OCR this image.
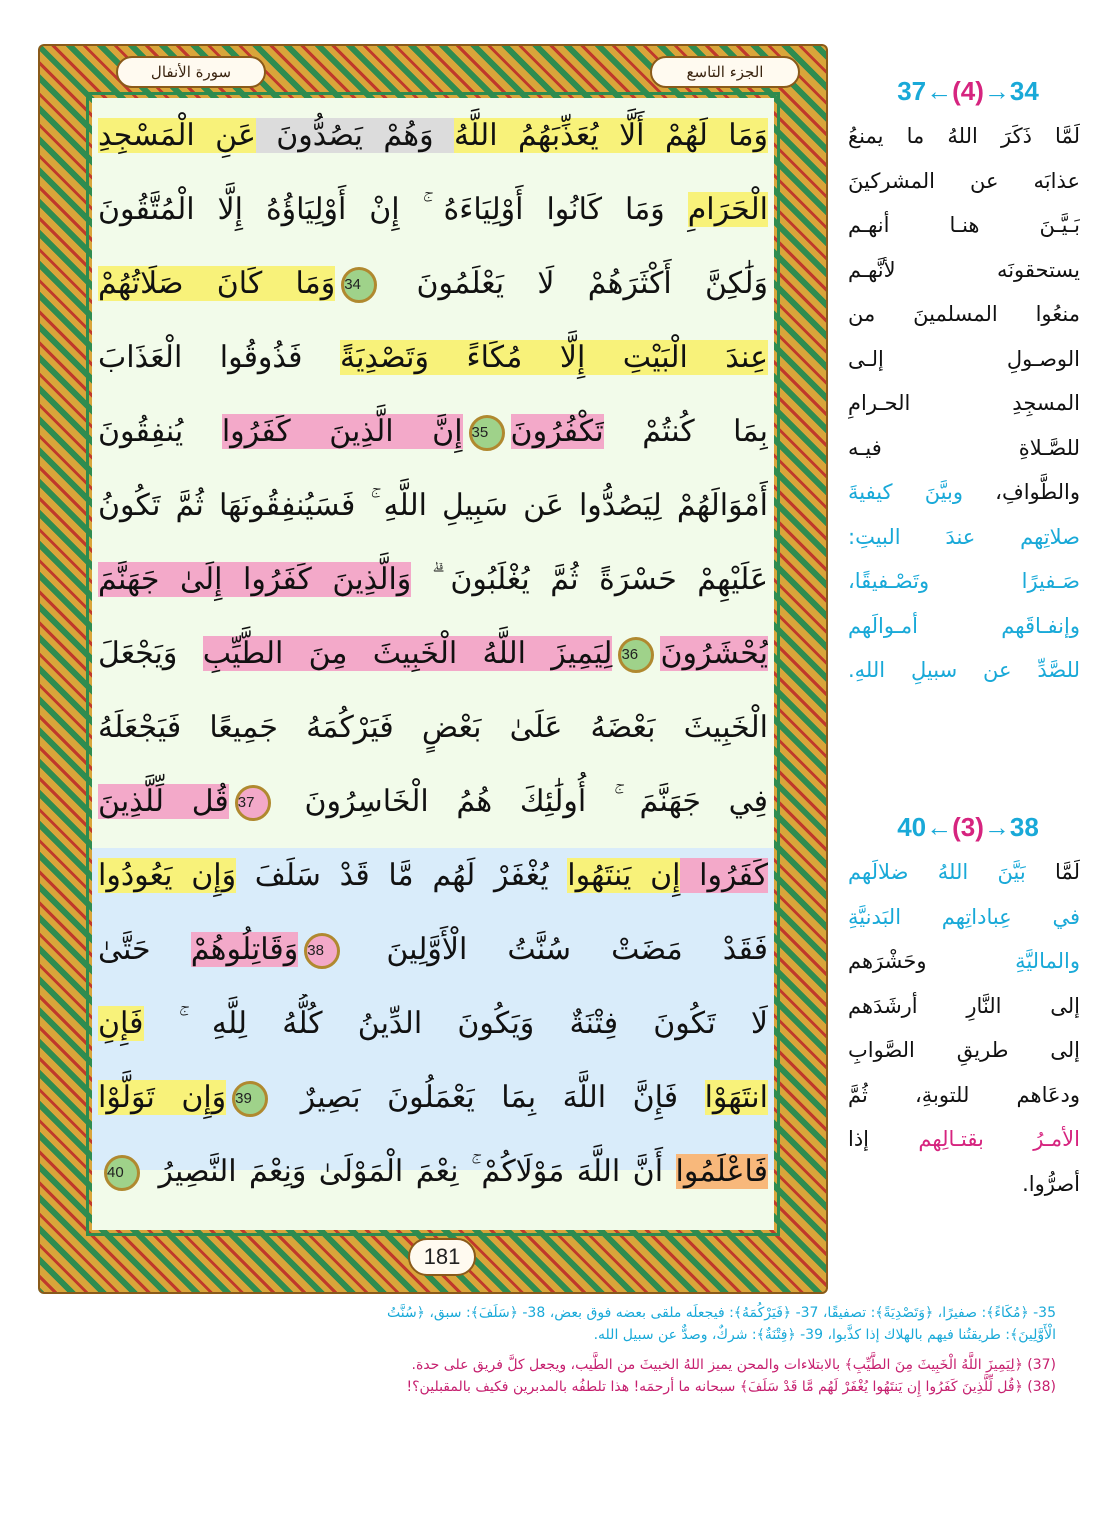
الجزء التاسع
سورة الأنفال
وَمَا لَهُمْ أَلَّا يُعَذِّبَهُمُ اللَّهُ وَهُمْ يَصُدُّونَ عَنِ الْمَسْجِدِ
الْحَرَامِ وَمَا كَانُوا أَوْلِيَاءَهُ ۚ إِنْ أَوْلِيَاؤُهُ إِلَّا الْمُتَّقُونَ
وَلَٰكِنَّ أَكْثَرَهُمْ لَا يَعْلَمُونَ 34وَمَا كَانَ صَلَاتُهُمْ
عِندَ الْبَيْتِ إِلَّا مُكَاءً وَتَصْدِيَةً فَذُوقُوا الْعَذَابَ
بِمَا كُنتُمْ تَكْفُرُونَ35إِنَّ الَّذِينَ كَفَرُوا يُنفِقُونَ
أَمْوَالَهُمْ لِيَصُدُّوا عَن سَبِيلِ اللَّهِ ۚ فَسَيُنفِقُونَهَا ثُمَّ تَكُونُ
عَلَيْهِمْ حَسْرَةً ثُمَّ يُغْلَبُونَ ۗ وَالَّذِينَ كَفَرُوا إِلَىٰ جَهَنَّمَ
يُحْشَرُونَ36لِيَمِيزَ اللَّهُ الْخَبِيثَ مِنَ الطَّيِّبِ وَيَجْعَلَ
الْخَبِيثَ بَعْضَهُ عَلَىٰ بَعْضٍ فَيَرْكُمَهُ جَمِيعًا فَيَجْعَلَهُ
فِي جَهَنَّمَ ۚ أُولَٰئِكَ هُمُ الْخَاسِرُونَ 37قُل لِّلَّذِينَ
كَفَرُوا إِن يَنتَهُوا يُغْفَرْ لَهُم مَّا قَدْ سَلَفَ وَإِن يَعُودُوا
فَقَدْ مَضَتْ سُنَّتُ الْأَوَّلِينَ 38وَقَاتِلُوهُمْ حَتَّىٰ
لَا تَكُونَ فِتْنَةٌ وَيَكُونَ الدِّينُ كُلُّهُ لِلَّهِ ۚ فَإِنِ
انتَهَوْا فَإِنَّ اللَّهَ بِمَا يَعْمَلُونَ بَصِيرٌ 39وَإِن تَوَلَّوْا
فَاعْلَمُوا أَنَّ اللَّهَ مَوْلَاكُمْ ۚ نِعْمَ الْمَوْلَىٰ وَنِعْمَ النَّصِيرُ 40
181
37←(4)→34
لَمَّا ذَكَرَ اللهُ ما يمنعُ
عذابَه عن المشركينَ
بَـيَّـنَ هنـا أنهـم
يستحقونَه لأنَّهـم
منعُوا المسلمينَ من
الوصـولِ إلـى
المسجِدِ الحـرامِ
للصَّـلاةِ فيـه
والطَّوافِ، وبيَّنَ كيفيةَ
صلاتِهم عندَ البيتِ:
صَـفيرًا وتَصْـفيقًا،
وإنفـاقَهم أمـوالَهم
للصَّدِّ عن سبيلِ اللهِ.
40←(3)→38
لَمَّا بَيَّنَ اللهُ ضلالَهم
في عِباداتِهم البَدنيَّةِ
والماليَّةِ وحَشْرَهم
إلى النَّارِ أرشَدَهم
إلى طريقِ الصَّوابِ
ودعَاهم للتوبةِ، ثُمَّ
الأمـرُ بقتـالِهم إذا
أصرُّوا.
35- ﴿مُكَاءً﴾: صفيرًا، ﴿وَتَصْدِيَةً﴾: تصفيقًا، 37- ﴿فَيَرْكُمَهُ﴾: فيجعلَه ملقى بعضه فوق بعض، 38- ﴿سَلَفَ﴾: سبق، ﴿سُنَّتُ
الْأَوَّلِينَ﴾: طريقتُنا فيهم بالهلاك إذا كذَّبوا، 39- ﴿فِتْنَةٌ﴾: شركٌ، وصدٌّ عن سبيل الله.
(37) ﴿لِيَمِيزَ اللَّهُ الْخَبِيثَ مِنَ الطَّيِّبِ﴾ بالابتلاءات والمحن يميز اللهُ الخبيثَ من الطَّيب، ويجعل كلَّ فريق على حدة.
(38) ﴿قُل لِّلَّذِينَ كَفَرُوا إِن يَنتَهُوا يُغْفَرْ لَهُم مَّا قَدْ سَلَفَ﴾ سبحانه ما أرحمَه! هذا تلطفُه بالمدبرين فكيف بالمقبلين؟!
